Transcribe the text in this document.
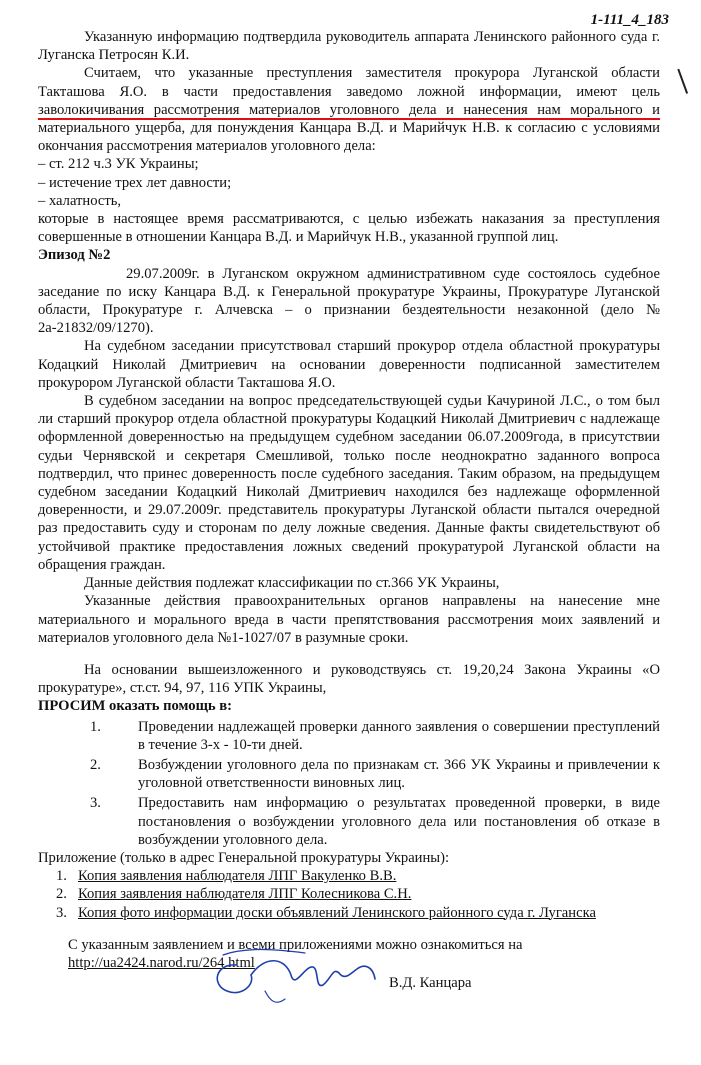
1-111_4_183

Указанную информацию подтвердила руководитель аппарата Ленинского районного суда г. Луганска Петросян К.И.

Считаем, что указанные преступления заместителя прокурора Луганской области Такташова Я.О. в части предоставления заведомо ложной информации, имеют цель заволокичивания рассмотрения материалов уголовного дела и нанесения нам морального и материального ущерба, для понуждения Канцара В.Д. и Марийчук Н.В. к согласию с условиями окончания рассмотрения материалов уголовного дела:

– ст. 212 ч.3 УК Украины;

– истечение трех лет давности;

– халатность,

которые в настоящее время рассматриваются, с целью избежать наказания за преступления совершенные в отношении Канцара В.Д. и Марийчук Н.В., указанной группой лиц.

Эпизод №2

29.07.2009г. в Луганском окружном административном суде состоялось судебное заседание по иску Канцара В.Д. к Генеральной прокуратуре Украины, Прокуратуре Луганской области, Прокуратуре г. Алчевска – о признании бездеятельности незаконной (дело № 2а-21832/09/1270).

На судебном заседании присутствовал старший прокурор отдела областной прокуратуры Кодацкий Николай Дмитриевич на основании доверенности подписанной заместителем прокурором Луганской области Такташова Я.О.

В судебном заседании на вопрос председательствующей судьи Качуриной Л.С., о том был ли старший прокурор отдела областной прокуратуры Кодацкий Николай Дмитриевич с надлежаще оформленной доверенностью на предыдущем судебном заседании 06.07.2009года, в присутствии судьи Чернявской и секретаря Смешливой, только после неоднократно заданного вопроса подтвердил, что принес доверенность после судебного заседания. Таким образом, на предыдущем судебном заседании Кодацкий Николай Дмитриевич находился без надлежаще оформленной доверенности, и 29.07.2009г. представитель прокуратуры Луганской области пытался очередной раз предоставить суду и сторонам по делу ложные сведения. Данные факты свидетельствуют об устойчивой практике предоставления ложных сведений прокуратурой Луганской области на обращения граждан.

Данные действия подлежат классификации по ст.366 УК Украины,

Указанные действия правоохранительных органов направлены на нанесение мне материального и морального вреда в части препятствования рассмотрения моих заявлений и материалов уголовного дела №1-1027/07 в разумные сроки.

На основании вышеизложенного и руководствуясь ст. 19,20,24 Закона Украины «О прокуратуре», ст.ст. 94, 97, 116 УПК Украины,

ПРОСИМ оказать помощь в:

1.	Проведении надлежащей проверки данного заявления о совершении преступлений в течение 3-х - 10-ти дней.
2.	Возбуждении уголовного дела по признакам ст. 366 УК Украины и привлечении к уголовной ответственности виновных лиц.
3.	Предоставить нам информацию о результатах проведенной проверки, в виде постановления о возбуждении уголовного дела или постановления об отказе в возбуждении уголовного дела.

Приложение (только в адрес Генеральной прокуратуры Украины):

1. Копия заявления наблюдателя ЛПГ Вакуленко В.В.
2. Копия заявления наблюдателя ЛПГ Колесникова С.Н.
3. Копия фото информации доски объявлений Ленинского районного суда г. Луганска

С указанным заявлением и всеми приложениями можно ознакомиться на

http://ua2424.narod.ru/264.html

В.Д. Канцара
